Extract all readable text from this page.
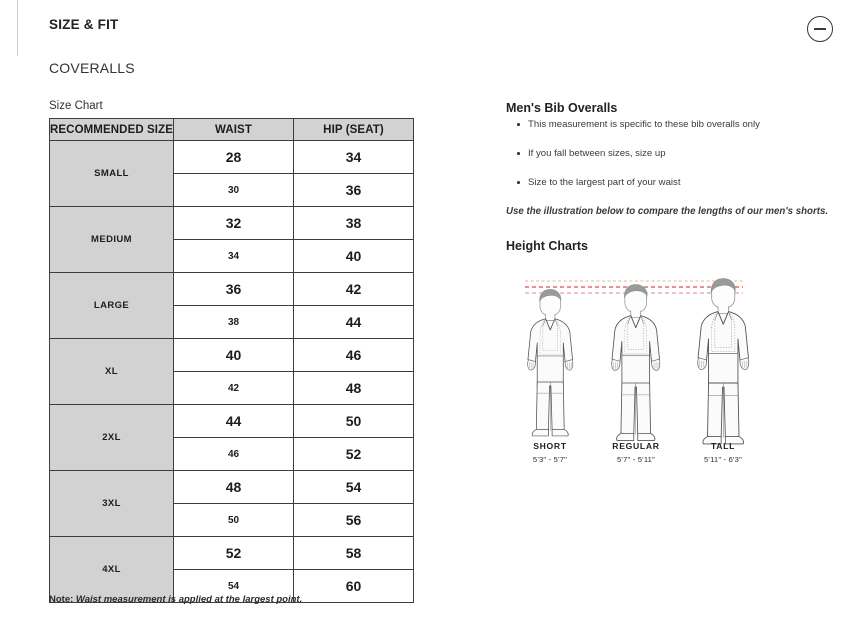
SIZE & FIT
COVERALLS
Size Chart
RECOMMENDED SIZE	WAIST	HIP (SEAT)
SMALL	28	34
	30	36
MEDIUM	32	38
	34	40
LARGE	36	42
	38	44
XL	40	46
	42	48
2XL	44	50
	46	52
3XL	48	54
	50	56
4XL	52	58
	54	60
Note: Waist measurement is applied at the largest point.
Men's Bib Overalls
This measurement is specific to these bib overalls only
If you fall between sizes, size up
Size to the largest part of your waist
Use the illustration below to compare the lengths of our men's shorts.
Height Charts
SHORT
5'3" - 5'7"
REGULAR
5'7" - 5'11"
TALL
5'11" - 6'3"
